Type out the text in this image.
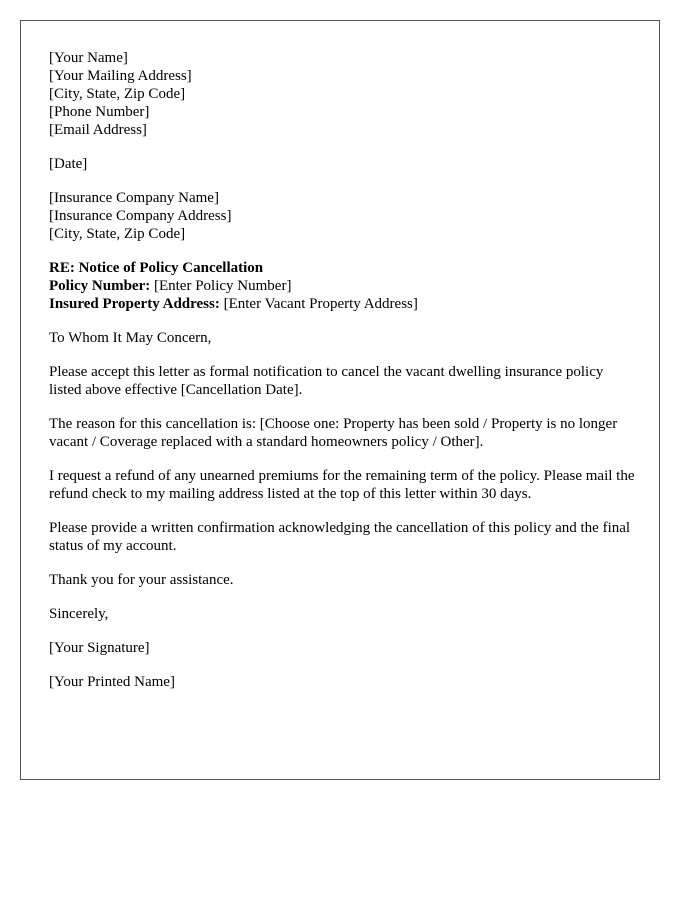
[Your Name]
[Your Mailing Address]
[City, State, Zip Code]
[Phone Number]
[Email Address]
[Date]
[Insurance Company Name]
[Insurance Company Address]
[City, State, Zip Code]
RE: Notice of Policy Cancellation
Policy Number: [Enter Policy Number]
Insured Property Address: [Enter Vacant Property Address]

To Whom It May Concern,

Please accept this letter as formal notification to cancel the vacant dwelling insurance policy listed above effective [Cancellation Date].

The reason for this cancellation is: [Choose one: Property has been sold / Property is no longer vacant / Coverage replaced with a standard homeowners policy / Other].

I request a refund of any unearned premiums for the remaining term of the policy. Please mail the refund check to my mailing address listed at the top of this letter within 30 days.

Please provide a written confirmation acknowledging the cancellation of this policy and the final status of my account.

Thank you for your assistance.

Sincerely,

[Your Signature]

[Your Printed Name]
